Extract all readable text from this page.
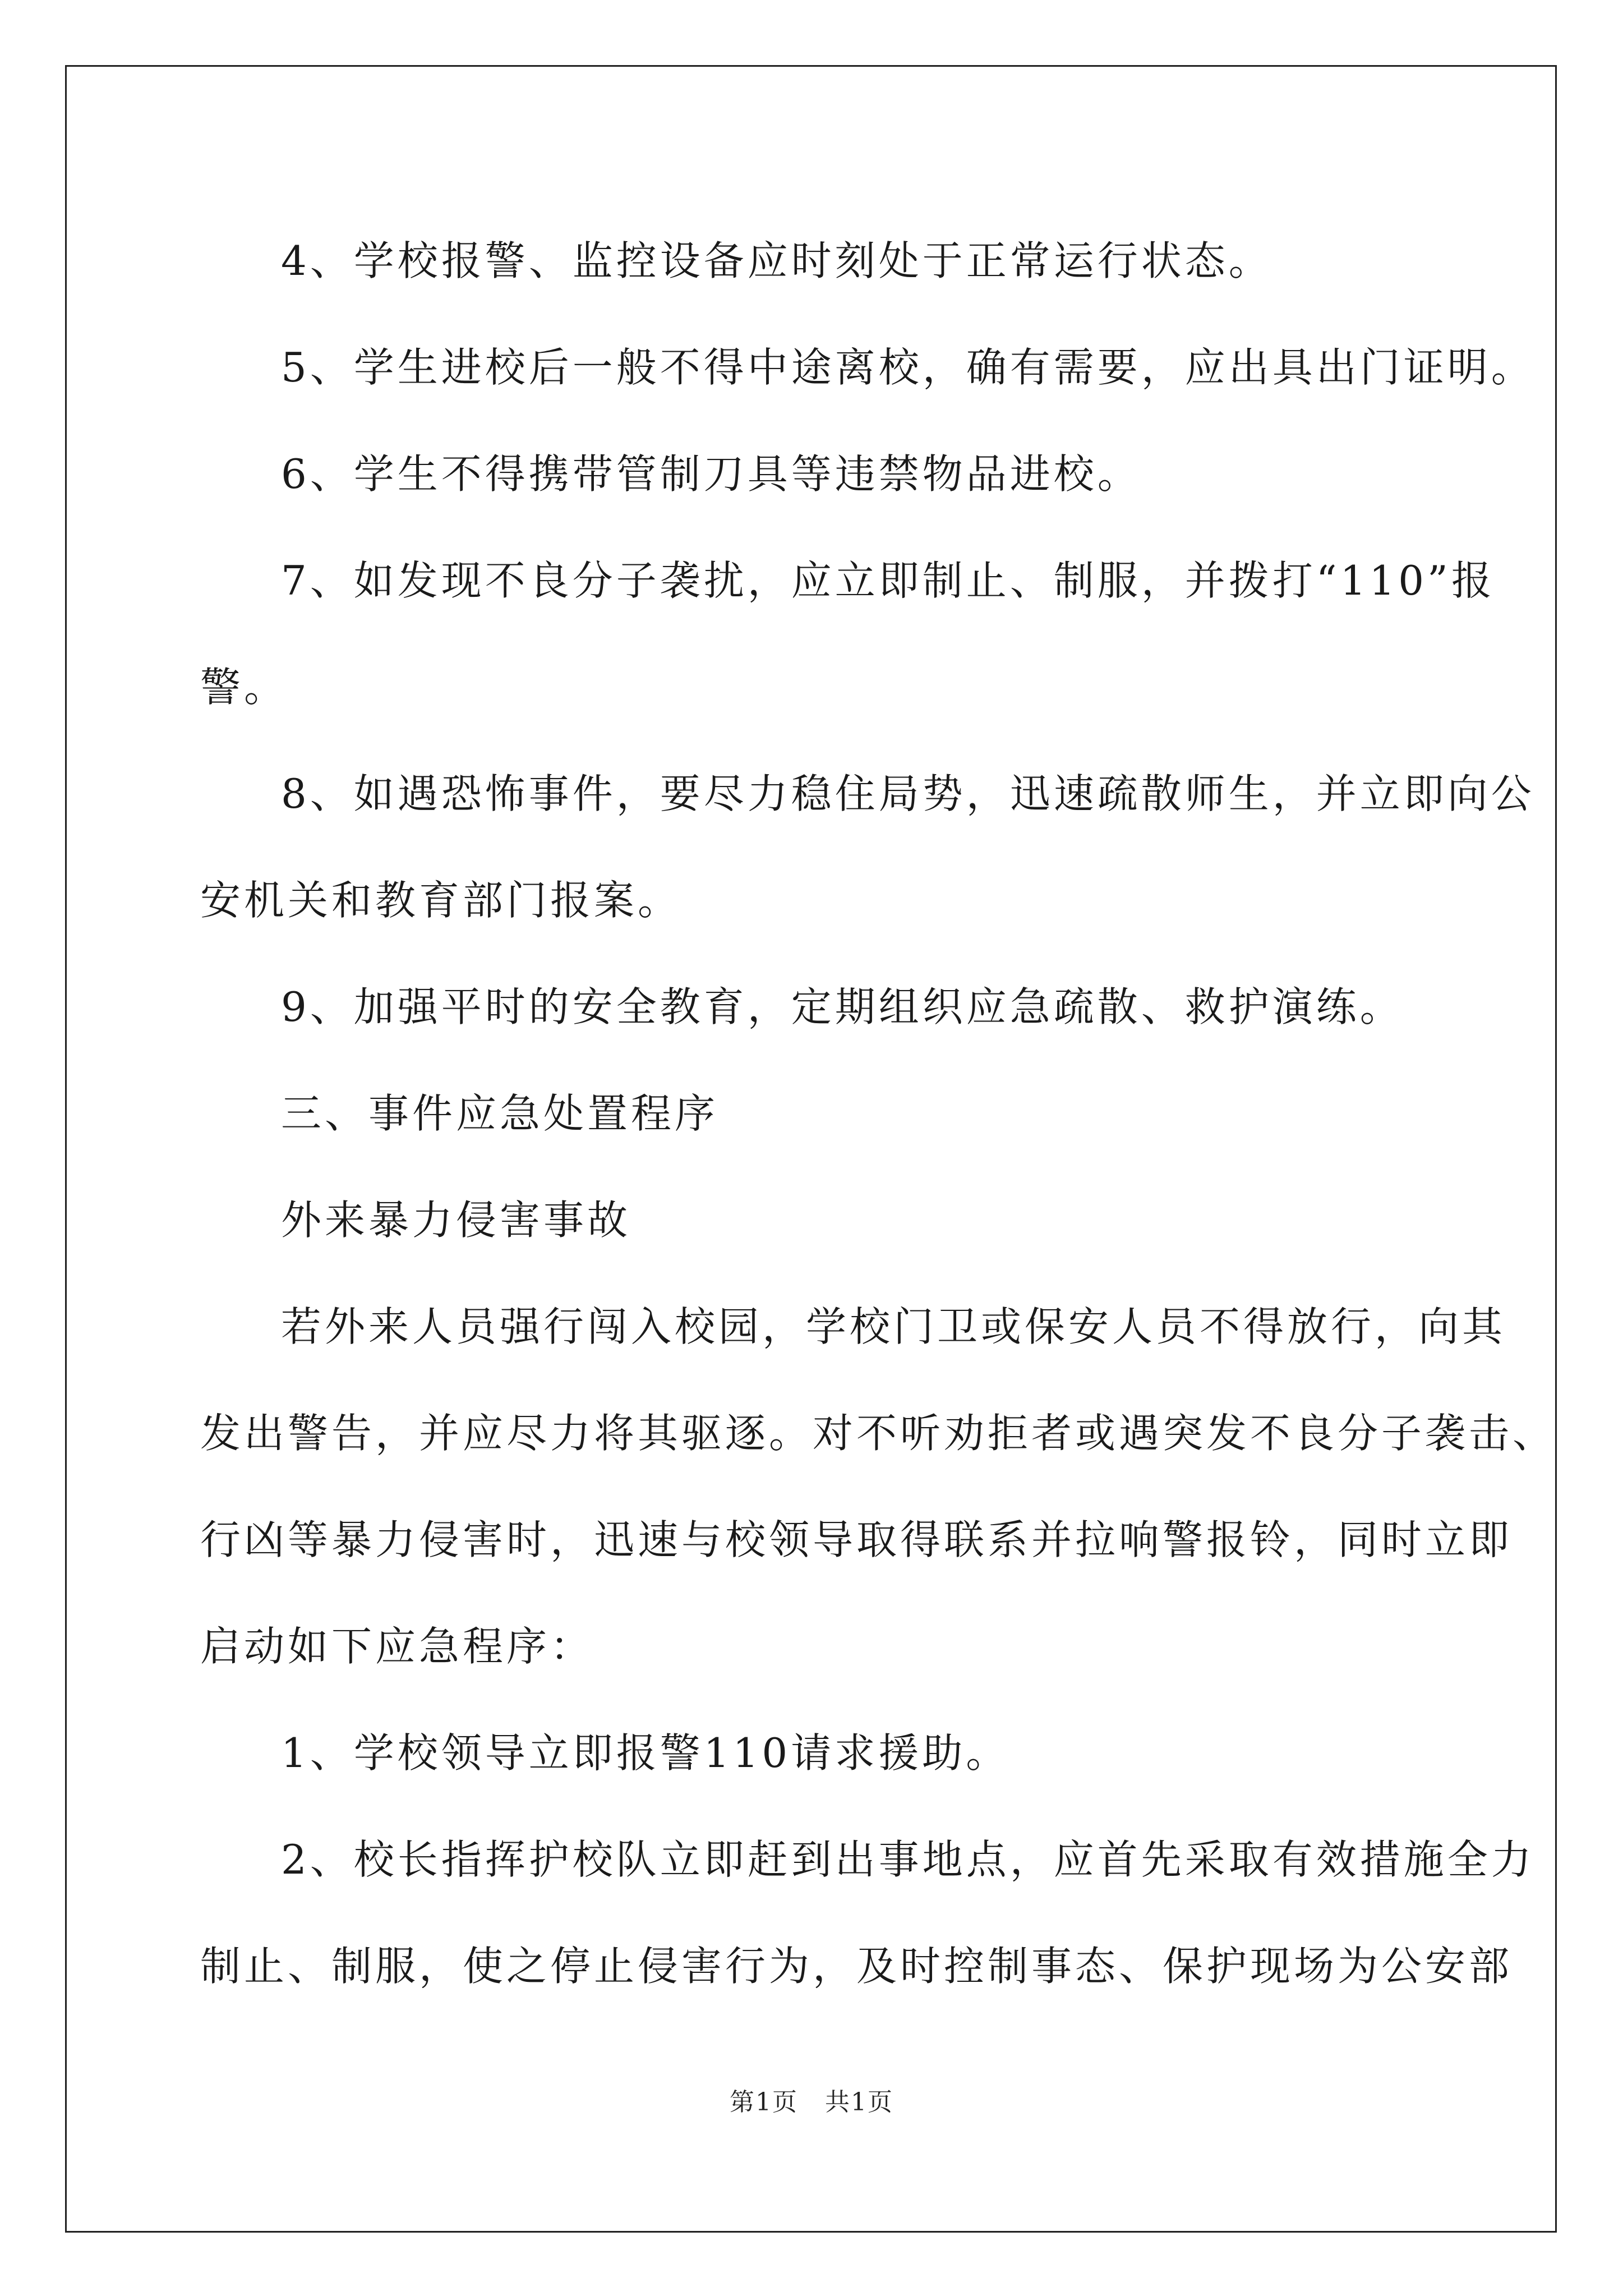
4、学校报警、监控设备应时刻处于正常运行状态。

5、学生进校后一般不得中途离校，确有需要，应出具出门证明。

6、学生不得携带管制刀具等违禁物品进校。

7、如发现不良分子袭扰，应立即制止、制服，并拨打“110”报

警。

8、如遇恐怖事件，要尽力稳住局势，迅速疏散师生，并立即向公

安机关和教育部门报案。

9、加强平时的安全教育，定期组织应急疏散、救护演练。

三、事件应急处置程序

外来暴力侵害事故

若外来人员强行闯入校园，学校门卫或保安人员不得放行，向其

发出警告，并应尽力将其驱逐。对不听劝拒者或遇突发不良分子袭击、

行凶等暴力侵害时，迅速与校领导取得联系并拉响警报铃，同时立即

启动如下应急程序：

1、学校领导立即报警110请求援助。

2、校长指挥护校队立即赶到出事地点，应首先采取有效措施全力

制止、制服，使之停止侵害行为，及时控制事态、保护现场为公安部

第1页 共1页
